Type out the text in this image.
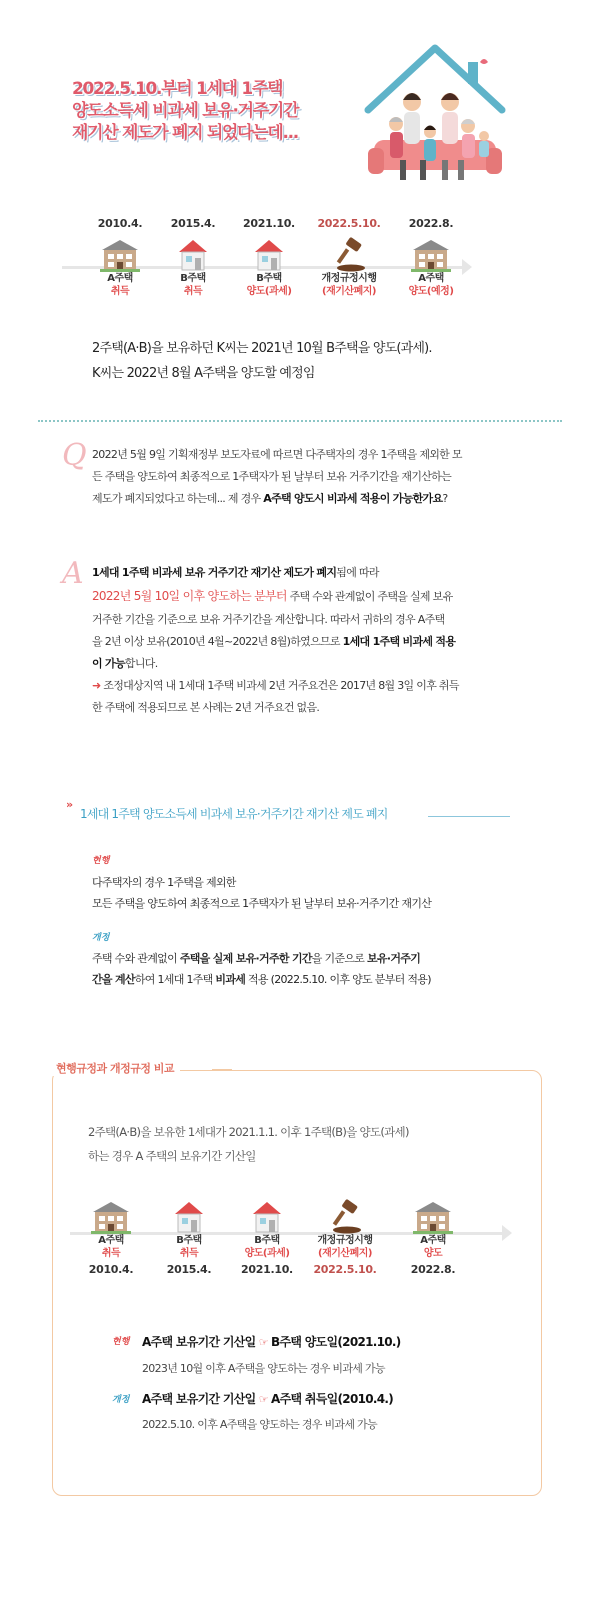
2022.5.10.부터 1세대 1주택
양도소득세 비과세 보유·거주기간
재기산 제도가 폐지 되었다는데...
2010.4.
A주택
취득
2015.4.
B주택
취득
2021.10.
B주택
양도(과세)
2022.5.10.
개정규정시행
(재기산폐지)
2022.8.
A주택
양도(예정)
2주택(A·B)을 보유하던 K씨는 2021년 10월 B주택을 양도(과세).
K씨는 2022년 8월 A주택을 양도할 예정임
Q 2022년 5월 9일 기획재정부 보도자료에 따르면 다주택자의 경우 1주택을 제외한 모
든 주택을 양도하여 최종적으로 1주택자가 된 날부터 보유 거주기간을 재기산하는
제도가 폐지되었다고 하는데... 제 경우 A주택 양도시 비과세 적용이 가능한가요?
A 1세대 1주택 비과세 보유 거주기간 재기산 제도가 폐지됨에 따라
2022년 5월 10일 이후 양도하는 분부터 주택 수와 관계없이 주택을 실제 보유
거주한 기간을 기준으로 보유 거주기간을 계산합니다. 따라서 귀하의 경우 A주택
을 2년 이상 보유(2010년 4월~2022년 8월)하였으므로 1세대 1주택 비과세 적용
이 가능합니다.
➜ 조정대상지역 내 1세대 1주택 비과세 2년 거주요건은 2017년 8월 3일 이후 취득
한 주택에 적용되므로 본 사례는 2년 거주요건 없음.
»
1세대 1주택 양도소득세 비과세 보유·거주기간 재기산 제도 폐지
현행
다주택자의 경우 1주택을 제외한
모든 주택을 양도하여 최종적으로 1주택자가 된 날부터 보유·거주기간 재기산
개정
주택 수와 관계없이 주택을 실제 보유·거주한 기간을 기준으로 보유·거주기
간을 계산하여 1세대 1주택 비과세 적용 (2022.5.10. 이후 양도 분부터 적용)
현행규정과 개정규정 비교
2주택(A·B)을 보유한 1세대가 2021.1.1. 이후 1주택(B)을 양도(과세)
하는 경우 A 주택의 보유기간 기산일
A주택
취득
2010.4.
B주택
취득
2015.4.
B주택
양도(과세)
2021.10.
개정규정시행
(재기산폐지)
2022.5.10.
A주택
양도
2022.8.
현행 A주택 보유기간 기산일 ☞ B주택 양도일(2021.10.)
2023년 10월 이후 A주택을 양도하는 경우 비과세 가능
개정 A주택 보유기간 기산일 ☞ A주택 취득일(2010.4.)
2022.5.10. 이후 A주택을 양도하는 경우 비과세 가능
